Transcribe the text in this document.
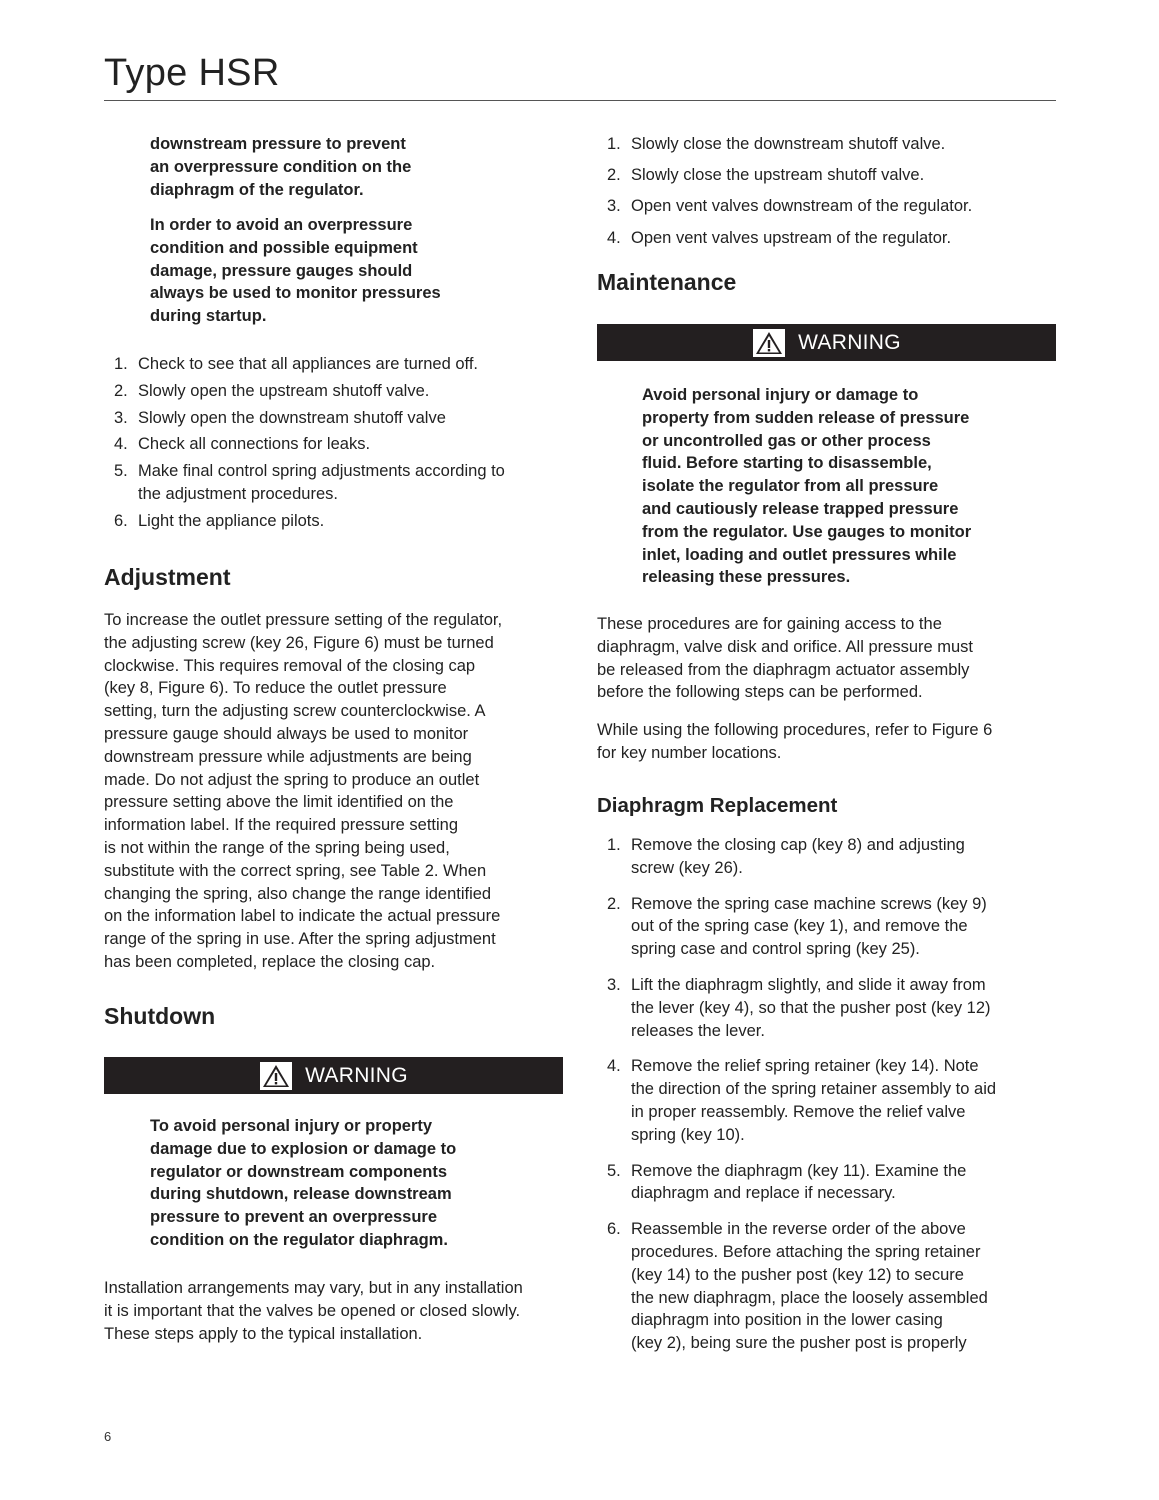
Type HSR
downstream pressure to prevent
an overpressure condition on the
diaphragm of the regulator.
In order to avoid an overpressure
condition and possible equipment
damage, pressure gauges should
always be used to monitor pressures
during startup.
1. Check to see that all appliances are turned off.
2. Slowly open the upstream shutoff valve.
3. Slowly open the downstream shutoff valve
4. Check all connections for leaks.
5. Make final control spring adjustments according to
the adjustment procedures.
6. Light the appliance pilots.
Adjustment
To increase the outlet pressure setting of the regulator,
the adjusting screw (key 26, Figure 6) must be turned
clockwise. This requires removal of the closing cap
(key 8, Figure 6). To reduce the outlet pressure
setting, turn the adjusting screw counterclockwise. A
pressure gauge should always be used to monitor
downstream pressure while adjustments are being
made. Do not adjust the spring to produce an outlet
pressure setting above the limit identified on the
information label. If the required pressure setting
is not within the range of the spring being used,
substitute with the correct spring, see Table 2. When
changing the spring, also change the range identified
on the information label to indicate the actual pressure
range of the spring in use. After the spring adjustment
has been completed, replace the closing cap.
Shutdown
WARNING
To avoid personal injury or property
damage due to explosion or damage to
regulator or downstream components
during shutdown, release downstream
pressure to prevent an overpressure
condition on the regulator diaphragm.
Installation arrangements may vary, but in any installation
it is important that the valves be opened or closed slowly.
These steps apply to the typical installation.
1. Slowly close the downstream shutoff valve.
2. Slowly close the upstream shutoff valve.
3. Open vent valves downstream of the regulator.
4. Open vent valves upstream of the regulator.
Maintenance
WARNING
Avoid personal injury or damage to
property from sudden release of pressure
or uncontrolled gas or other process
fluid. Before starting to disassemble,
isolate the regulator from all pressure
and cautiously release trapped pressure
from the regulator. Use gauges to monitor
inlet, loading and outlet pressures while
releasing these pressures.
These procedures are for gaining access to the
diaphragm, valve disk and orifice. All pressure must
be released from the diaphragm actuator assembly
before the following steps can be performed.
While using the following procedures, refer to Figure 6
for key number locations.
Diaphragm Replacement
1. Remove the closing cap (key 8) and adjusting
screw (key 26).
2. Remove the spring case machine screws (key 9)
out of the spring case (key 1), and remove the
spring case and control spring (key 25).
3. Lift the diaphragm slightly, and slide it away from
the lever (key 4), so that the pusher post (key 12)
releases the lever.
4. Remove the relief spring retainer (key 14). Note
the direction of the spring retainer assembly to aid
in proper reassembly. Remove the relief valve
spring (key 10).
5. Remove the diaphragm (key 11). Examine the
diaphragm and replace if necessary.
6. Reassemble in the reverse order of the above
procedures. Before attaching the spring retainer
(key 14) to the pusher post (key 12) to secure
the new diaphragm, place the loosely assembled
diaphragm into position in the lower casing
(key 2), being sure the pusher post is properly
6
